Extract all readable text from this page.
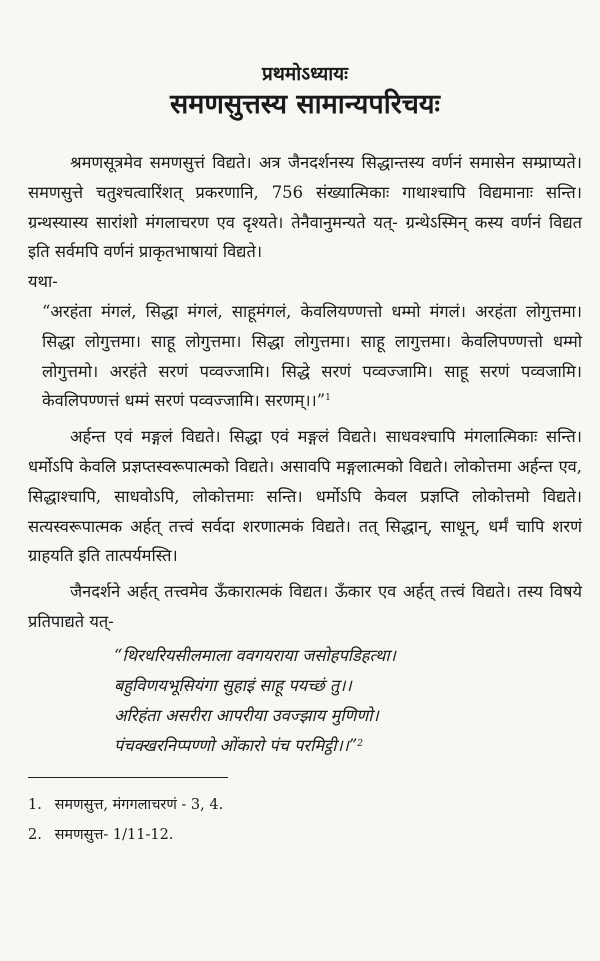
प्रथमोऽध्यायः
समणसुत्तस्य सामान्यपरिचयः

श्रमणसूत्रमेव समणसुत्तं विद्यते। अत्र जैनदर्शनस्य सिद्धान्तस्य वर्णनं समासेन सम्प्राप्यते। समणसुत्ते चतुश्चत्वारिंशत् प्रकरणानि, 756 संख्यात्मिकाः गाथाश्चापि विद्यमानाः सन्ति। ग्रन्थस्यास्य सारांशो मंगलाचरण एव दृश्यते। तेनैवानुमन्यते यत्- ग्रन्थेऽस्मिन् कस्य वर्णनं विद्यत इति सर्वमपि वर्णनं प्राकृतभाषायां विद्यते।

यथा-

“अरहंता मंगलं, सिद्धा मंगलं, साहूमंगलं, केवलियण्णत्तो धम्मो मंगलं। अरहंता लोगुत्तमा। सिद्धा लोगुत्तमा। साहू लोगुत्तमा। सिद्धा लोगुत्तमा। साहू लागुत्तमा। केवलिपण्णत्तो धम्मो लोगुत्तमो। अरहंते सरणं पव्वज्जामि। सिद्धे सरणं पव्वज्जामि। साहू सरणं पव्वजामि। केवलिपण्णत्तं धम्मं सरणं पव्वज्जामि। सरणम्।।”$^1$

अर्हन्त एवं मङ्गलं विद्यते। सिद्धा एवं मङ्गलं विद्यते। साधवश्चापि मंगलात्मिकाः सन्ति। धर्मोऽपि केवलि प्रज्ञप्तस्वरूपात्मको विद्यते। असावपि मङ्गलात्मको विद्यते। लोकोत्तमा अर्हन्त एव, सिद्धाश्चापि, साधवोऽपि, लोकोत्तमाः सन्ति। धर्मोऽपि केवल प्रज्ञप्ति लोकोत्तमो विद्यते। सत्यस्वरूपात्मक अर्हत् तत्त्वं सर्वदा शरणात्मकं विद्यते। तत् सिद्धान्, साधून्, धर्मं चापि शरणं ग्राहयति इति तात्पर्यमस्ति।

जैनदर्शने अर्हत् तत्त्वमेव ऊँकारात्मकं विद्यत। ऊँकार एव अर्हत् तत्त्वं विद्यते। तस्य विषये प्रतिपाद्यते यत्-

“थिरधरियसीलमाला ववगयराया जसोहपडिहत्था।
बहुविणयभूसियंगा सुहाइं साहू पयच्छं तु।।
अरिहंता असरीरा आपरीया उवज्झाय मुणिणो।
पंचक्खरनिप्पण्णो ओंकारो पंच परमिट्ठी।।”$^2$
1. समणसुत्त, मंगगलाचरणं - 3, 4.
2. समणसुत्त- 1/11-12.
